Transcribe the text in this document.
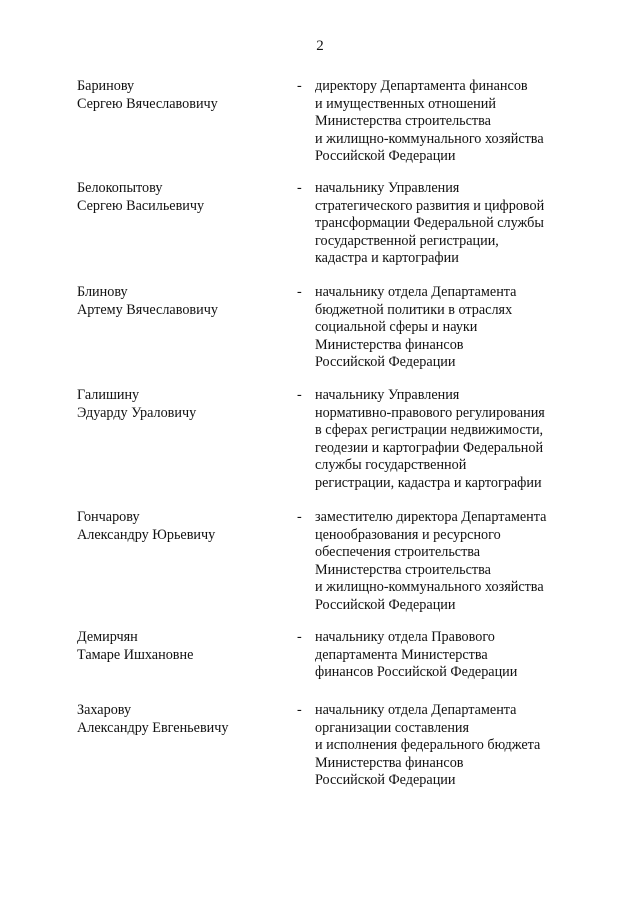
2
Баринову
Сергею Вячеславовичу
- директору Департамента финансов
и имущественных отношений
Министерства строительства
и жилищно-коммунального хозяйства
Российской Федерации
Белокопытову
Сергею Васильевичу
- начальнику Управления
стратегического развития и цифровой
трансформации Федеральной службы
государственной регистрации,
кадастра и картографии
Блинову
Артему Вячеславовичу
- начальнику отдела Департамента
бюджетной политики в отраслях
социальной сферы и науки
Министерства финансов
Российской Федерации
Галишину
Эдуарду Ураловичу
- начальнику Управления
нормативно-правового регулирования
в сферах регистрации недвижимости,
геодезии и картографии Федеральной
службы государственной
регистрации, кадастра и картографии
Гончарову
Александру Юрьевичу
- заместителю директора Департамента
ценообразования и ресурсного
обеспечения строительства
Министерства строительства
и жилищно-коммунального хозяйства
Российской Федерации
Демирчян
Тамаре Ишхановне
- начальнику отдела Правового
департамента Министерства
финансов Российской Федерации
Захарову
Александру Евгеньевичу
- начальнику отдела Департамента
организации составления
и исполнения федерального бюджета
Министерства финансов
Российской Федерации
